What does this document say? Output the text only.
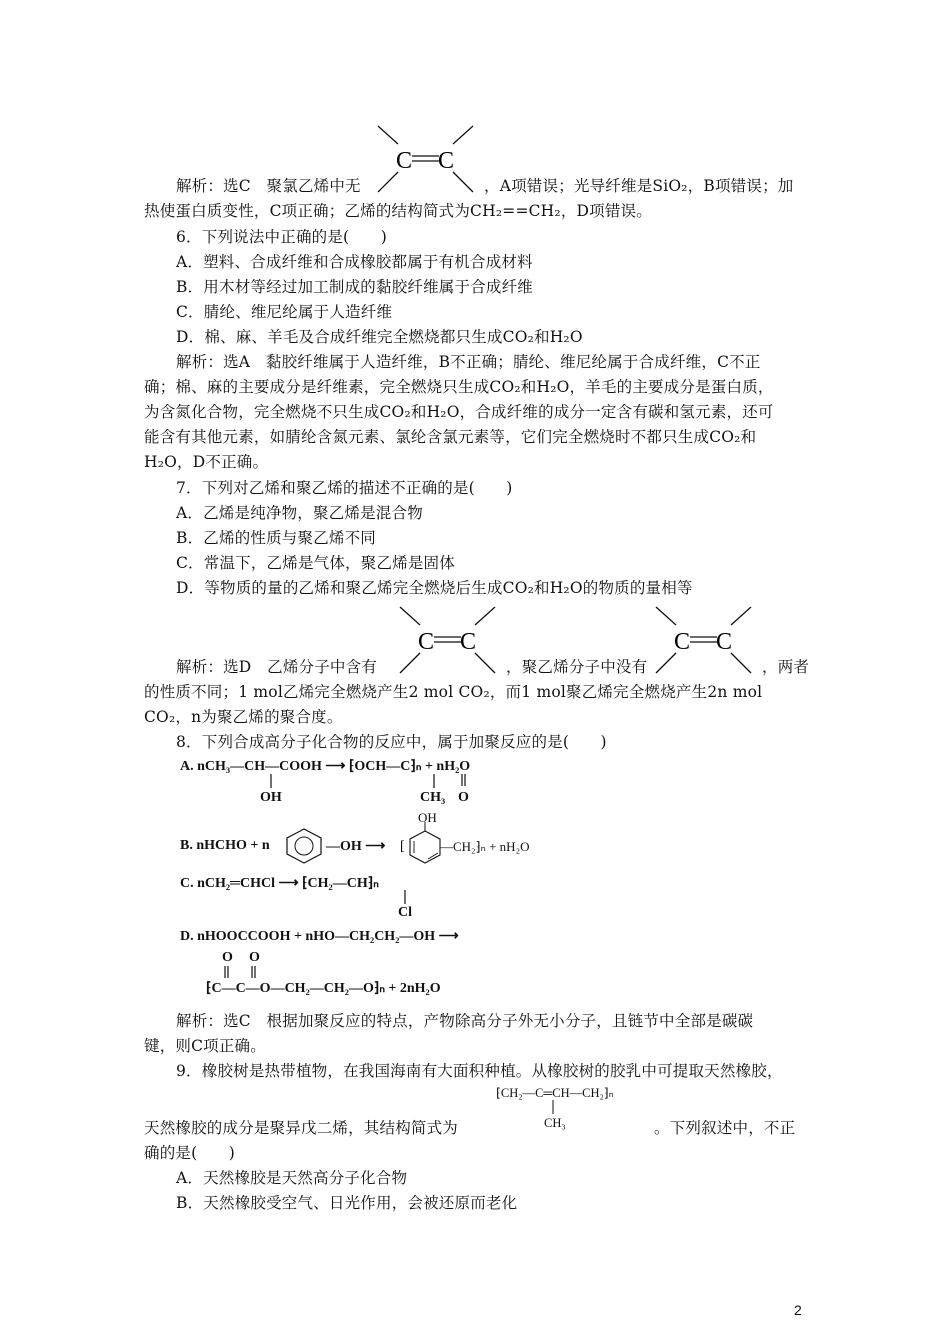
C C
解析：选C　聚氯乙烯中无	，A项错误；光导纤维是SiO₂，B项错误；加
热使蛋白质变性，C项正确；乙烯的结构简式为CH₂==CH₂，D项错误。
6．下列说法中正确的是(　　)
A．塑料、合成纤维和合成橡胶都属于有机合成材料
B．用木材等经过加工制成的黏胶纤维属于合成纤维
C．腈纶、维尼纶属于人造纤维
D．棉、麻、羊毛及合成纤维完全燃烧都只生成CO₂和H₂O
解析：选A　黏胶纤维属于人造纤维，B不正确；腈纶、维尼纶属于合成纤维，C不正
确；棉、麻的主要成分是纤维素，完全燃烧只生成CO₂和H₂O，羊毛的主要成分是蛋白质，
为含氮化合物，完全燃烧不只生成CO₂和H₂O，合成纤维的成分一定含有碳和氢元素，还可
能含有其他元素，如腈纶含氮元素、氯纶含氯元素等，它们完全燃烧时不都只生成CO₂和
H₂O，D不正确。
7．下列对乙烯和聚乙烯的描述不正确的是(　　)
A．乙烯是纯净物，聚乙烯是混合物
B．乙烯的性质与聚乙烯不同
C．常温下，乙烯是气体，聚乙烯是固体
D．等物质的量的乙烯和聚乙烯完全燃烧后生成CO₂和H₂O的物质的量相等
C C	C C
解析：选D　乙烯分子中含有	，聚乙烯分子中没有	，两者
的性质不同；1 mol乙烯完全燃烧产生2 mol CO₂，而1 mol聚乙烯完全燃烧产生2n mol
CO₂，n为聚乙烯的聚合度。
8．下列合成高分子化合物的反应中，属于加聚反应的是(　　)
A. nCH₃—CH—COOH ⟶ ⁅OCH—C⁆ₙ + nH₂O
OH	CH₃ O
B. nHCHO + n	—OH ⟶
OH
[	—CH₂⁆ₙ + nH₂O
C. nCH₂═CHCl ⟶ ⁅CH₂—CH⁆ₙ
Cl
D. nHOOCCOOH + nHO—CH₂CH₂—OH ⟶
O O
⁅C—C—O—CH₂—CH₂—O⁆ₙ + 2nH₂O
解析：选C　根据加聚反应的特点，产物除高分子外无小分子，且链节中全部是碳碳
键，则C项正确。
9．橡胶树是热带植物，在我国海南有大面积种植。从橡胶树的胶乳中可提取天然橡胶，
⁅CH₂—C═CH—CH₂⁆ₙ
CH₃
天然橡胶的成分是聚异戊二烯，其结构简式为	。下列叙述中，不正
确的是(　　)
A．天然橡胶是天然高分子化合物
B．天然橡胶受空气、日光作用，会被还原而老化
2
